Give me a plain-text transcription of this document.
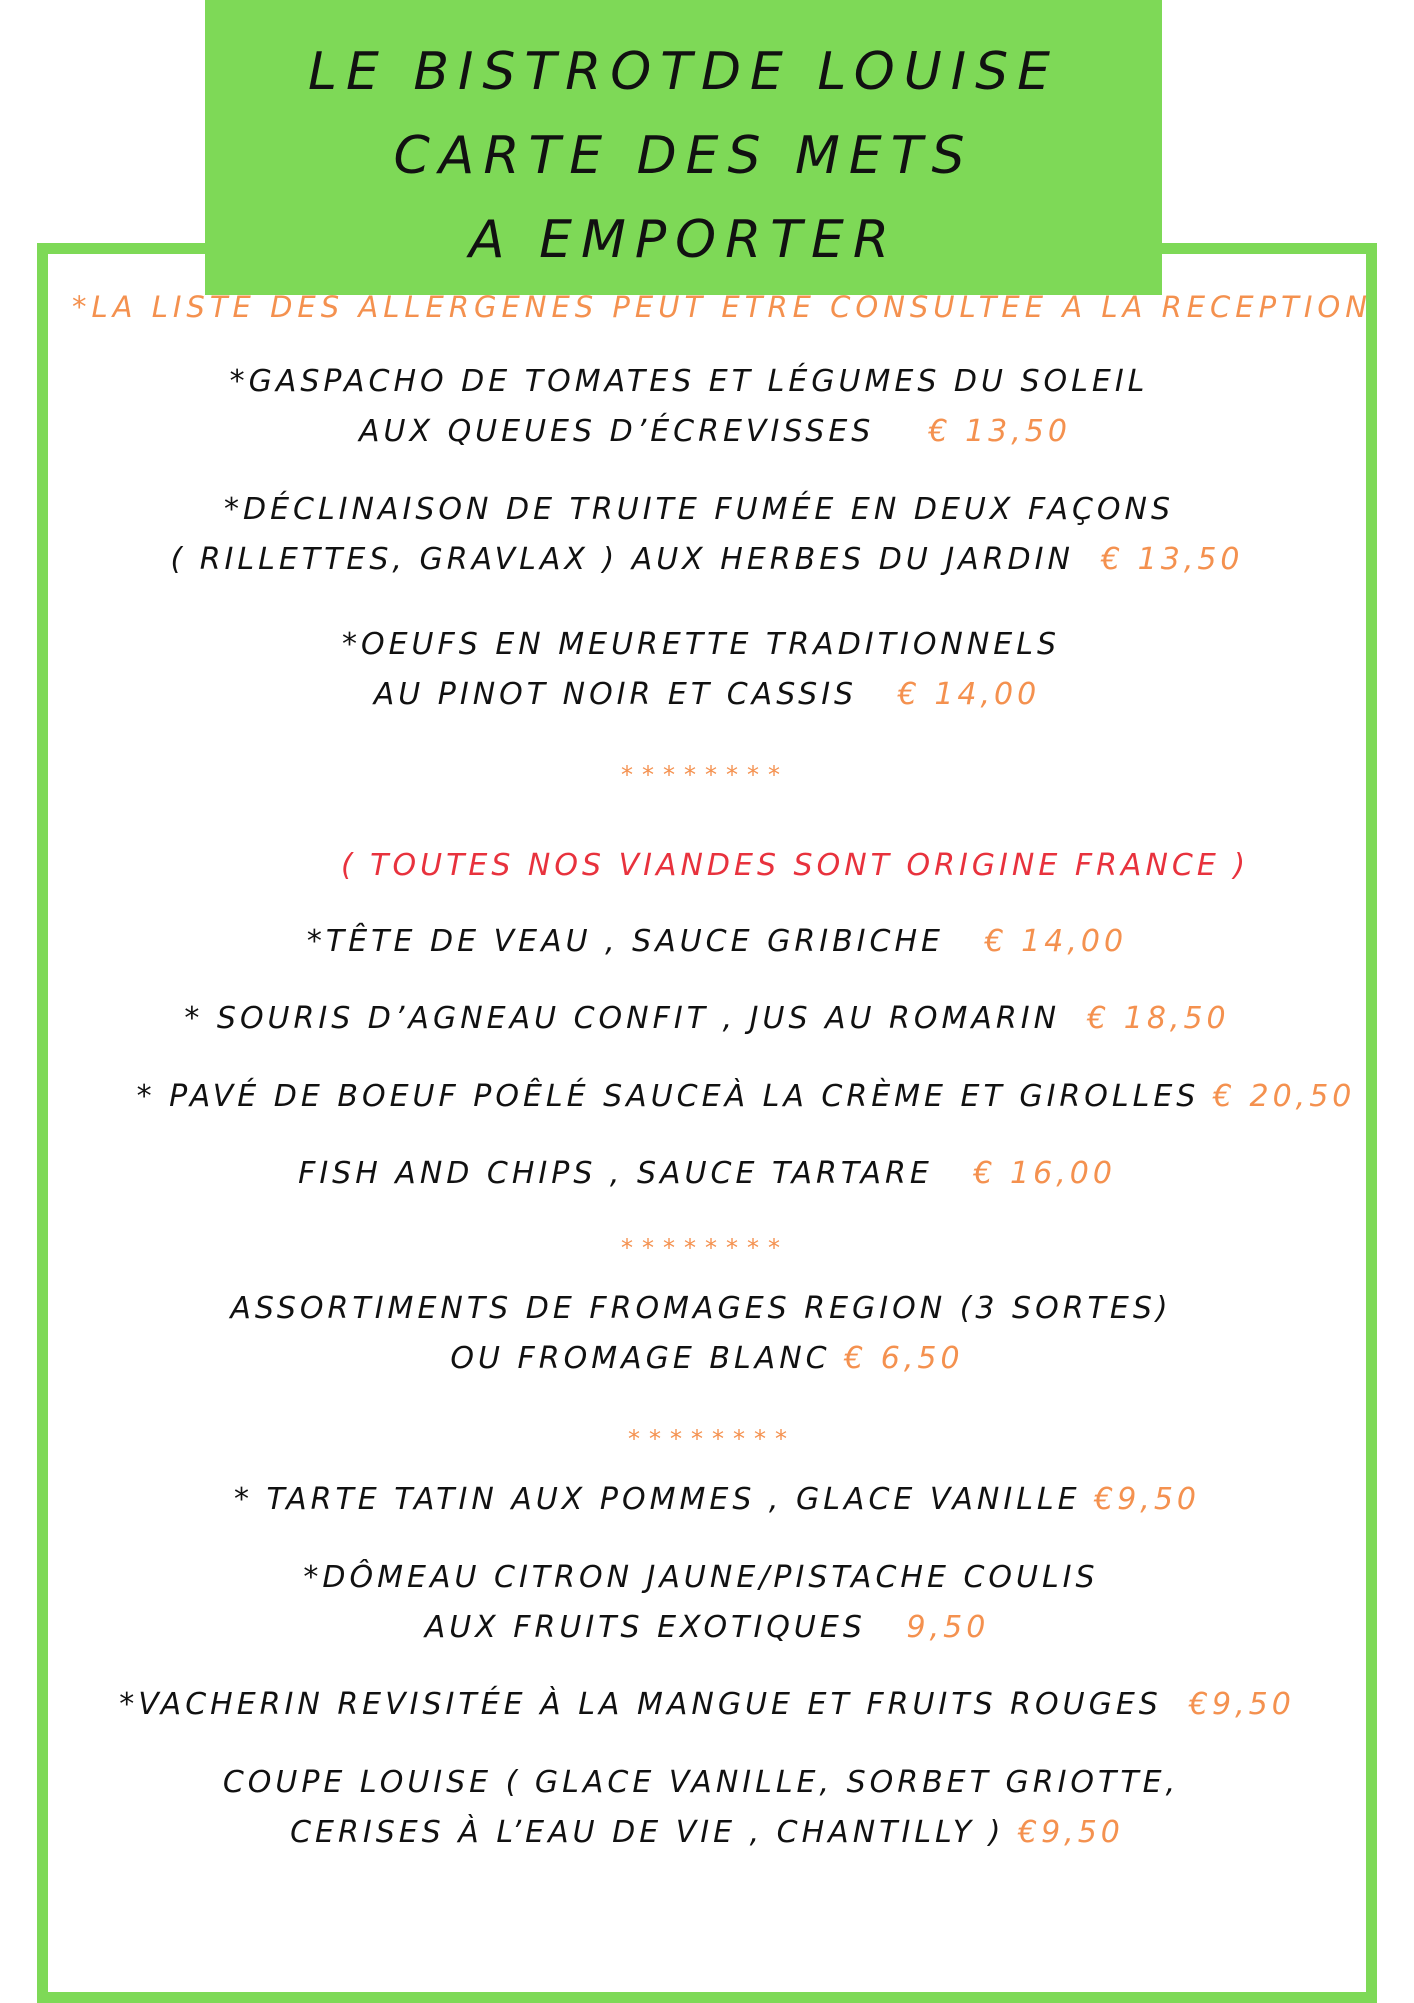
LE BISTROTDE LOUISE
CARTE DES METS
A EMPORTER
*LA LISTE DES ALLERGENES PEUT ETRE CONSULTEE A LA RECEPTION
*GASPACHO DE TOMATES ET LÉGUMES DU SOLEIL
AUX QUEUES D’ÉCREVISSES € 13,50
*DÉCLINAISON DE TRUITE FUMÉE EN DEUX FAÇONS
( RILLETTES, GRAVLAX ) AUX HERBES DU JARDIN € 13,50
*OEUFS EN MEURETTE TRADITIONNELS
AU PINOT NOIR ET CASSIS € 14,00
********
( TOUTES NOS VIANDES SONT ORIGINE FRANCE )
*TÊTE DE VEAU , SAUCE GRIBICHE € 14,00
* SOURIS D’AGNEAU CONFIT , JUS AU ROMARIN € 18,50
* PAVÉ DE BOEUF POÊLÉ SAUCEÀ LA CRÈME ET GIROLLES € 20,50
FISH AND CHIPS , SAUCE TARTARE € 16,00
********
ASSORTIMENTS DE FROMAGES REGION (3 SORTES)
OU FROMAGE BLANC € 6,50
********
* TARTE TATIN AUX POMMES , GLACE VANILLE €9,50
*DÔMEAU CITRON JAUNE/PISTACHE COULIS
AUX FRUITS EXOTIQUES 9,50
*VACHERIN REVISITÉE À LA MANGUE ET FRUITS ROUGES €9,50
COUPE LOUISE ( GLACE VANILLE, SORBET GRIOTTE,
CERISES À L’EAU DE VIE , CHANTILLY ) €9,50
